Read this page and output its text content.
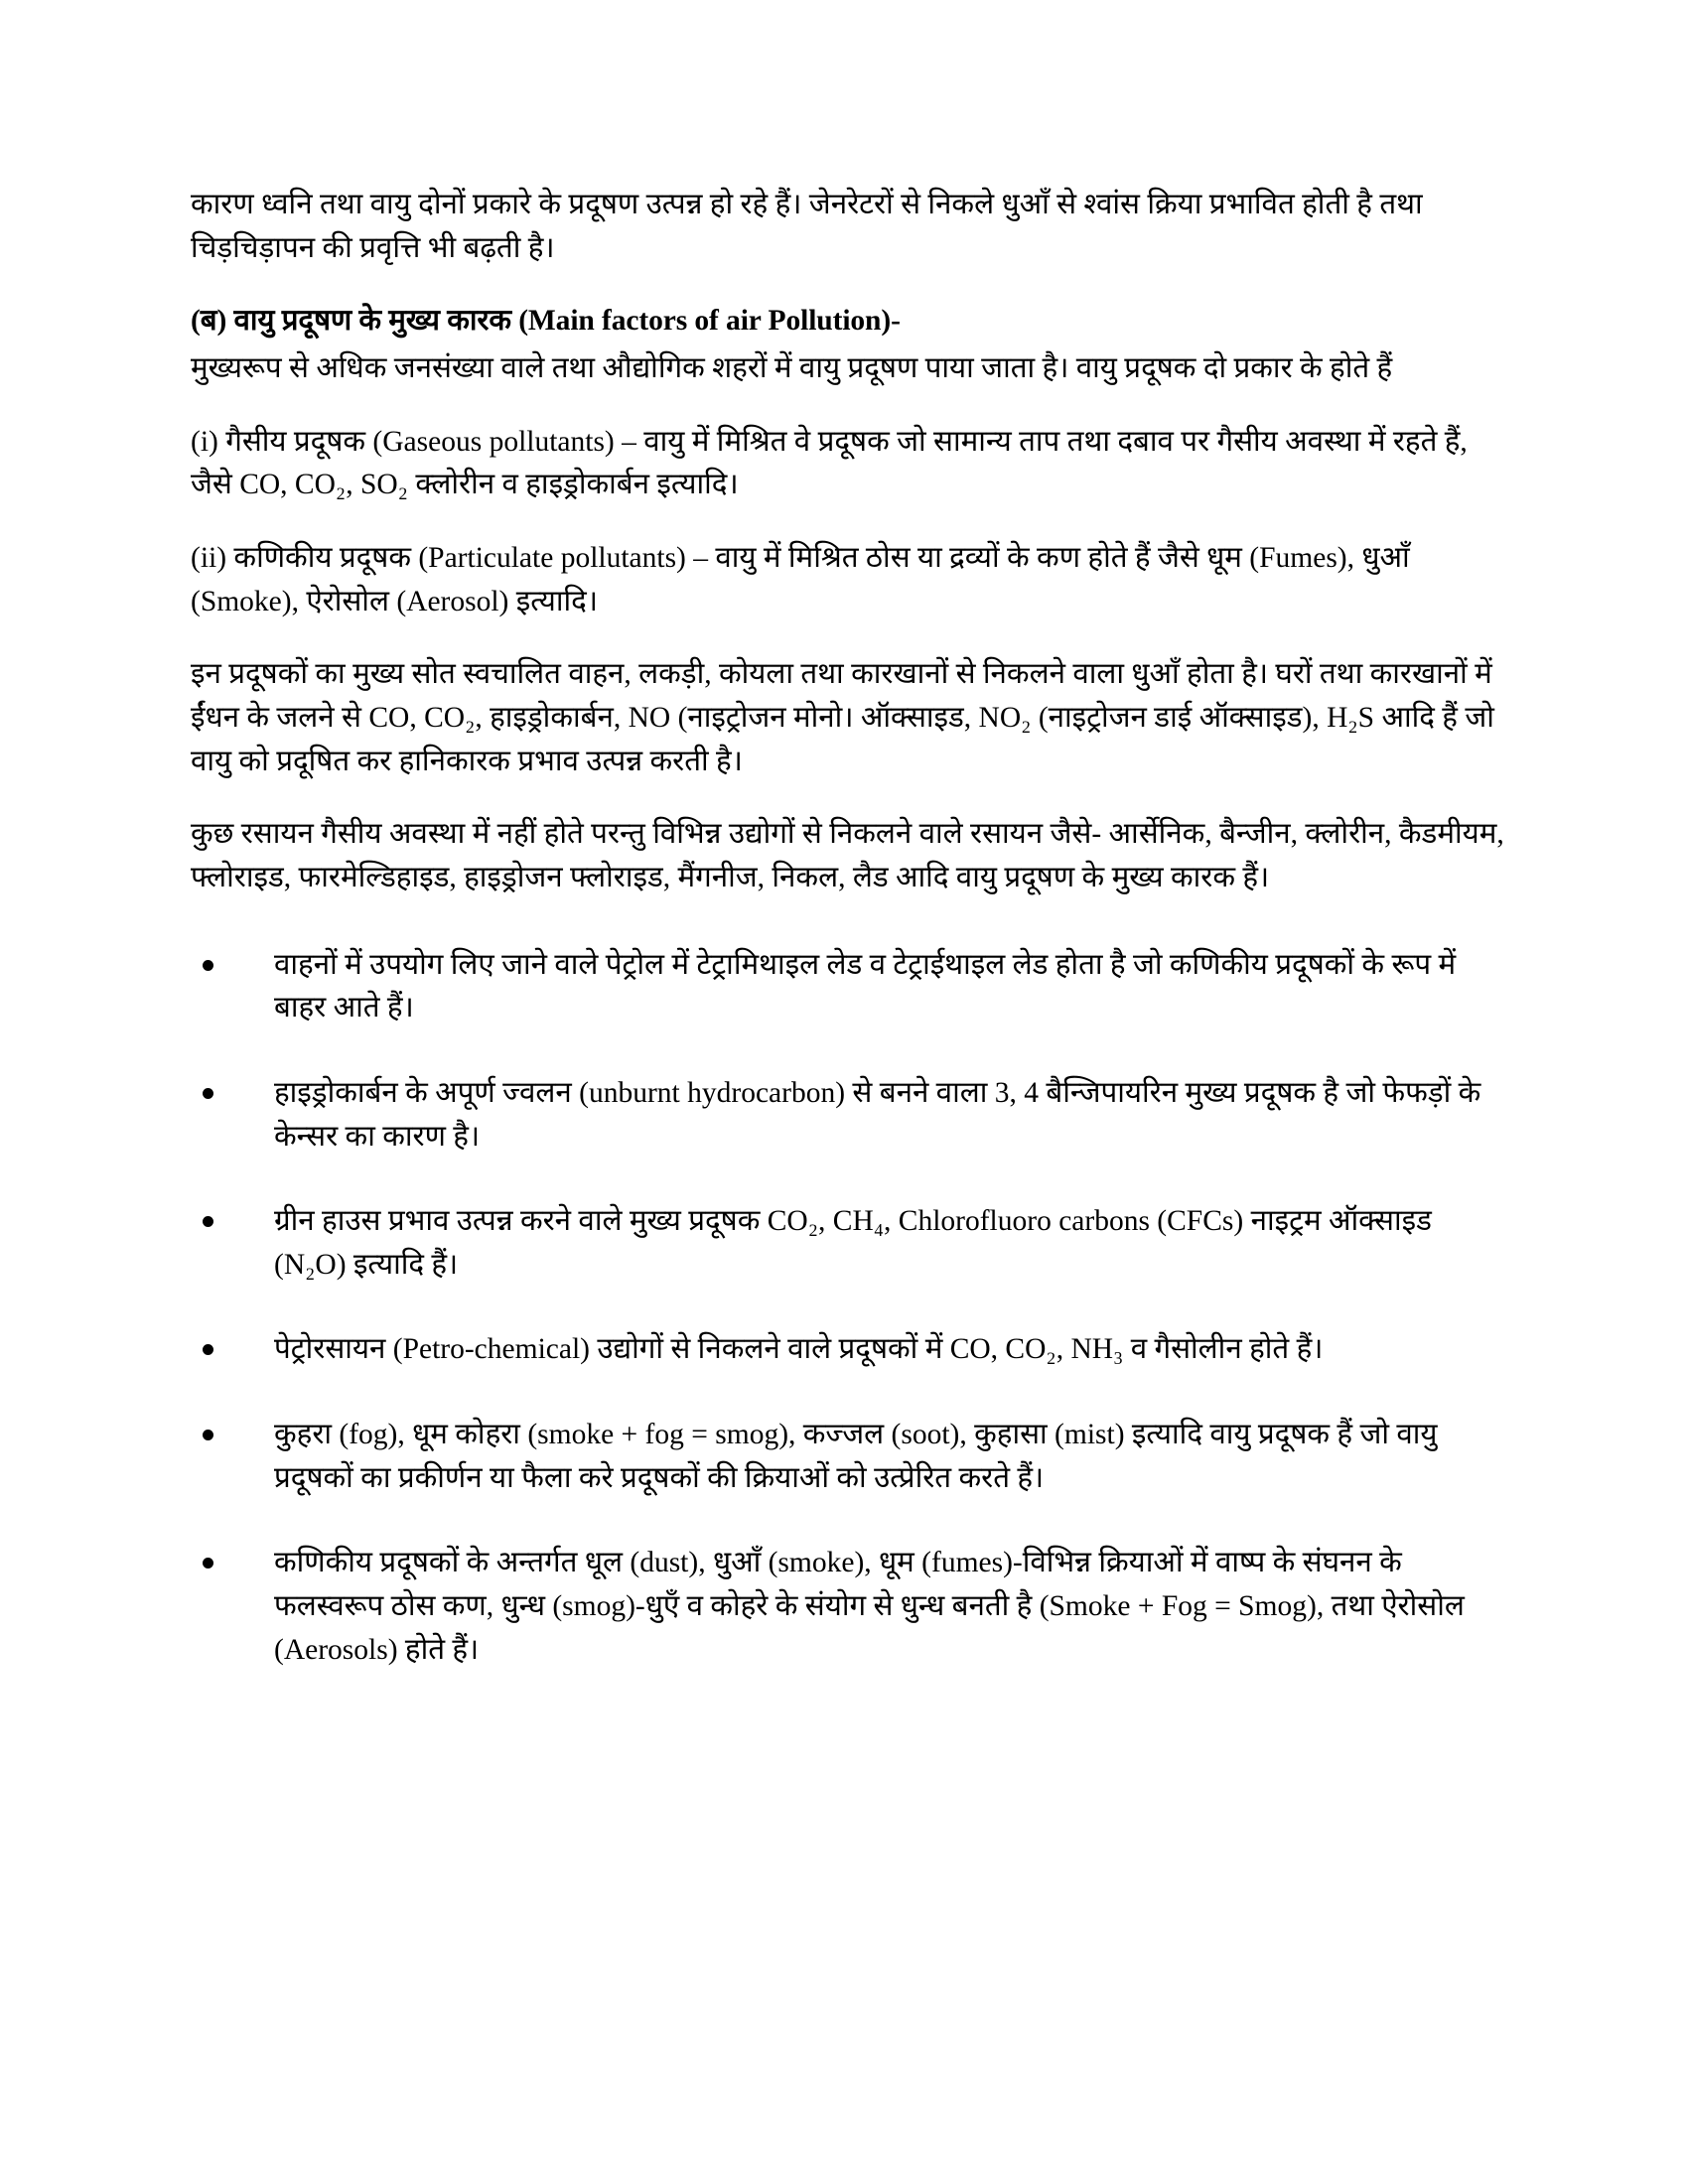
कारण ध्वनि तथा वायु दोनों प्रकारे के प्रदूषण उत्पन्न हो रहे हैं। जेनरेटरों से निकले धुआँ से श्वांस क्रिया प्रभावित होती है तथा चिड़चिड़ापन की प्रवृत्ति भी बढ़ती है।

(ब) वायु प्रदूषण के मुख्य कारक (Main factors of air Pollution)-

मुख्यरूप से अधिक जनसंख्या वाले तथा औद्योगिक शहरों में वायु प्रदूषण पाया जाता है। वायु प्रदूषक दो प्रकार के होते हैं

(i) गैसीय प्रदूषक (Gaseous pollutants) – वायु में मिश्रित वे प्रदूषक जो सामान्य ताप तथा दबाव पर गैसीय अवस्था में रहते हैं, जैसे CO, CO₂, SO₂ क्लोरीन व हाइड्रोकार्बन इत्यादि।

(ii) कणिकीय प्रदूषक (Particulate pollutants) – वायु में मिश्रित ठोस या द्रव्यों के कण होते हैं जैसे धूम (Fumes), धुआँ (Smoke), ऐरोसोल (Aerosol) इत्यादि।

इन प्रदूषकों का मुख्य सोत स्वचालित वाहन, लकड़ी, कोयला तथा कारखानों से निकलने वाला धुआँ होता है। घरों तथा कारखानों में ईंधन के जलने से CO, CO₂, हाइड्रोकार्बन, NO (नाइट्रोजन मोनो। ऑक्साइड, NO₂ (नाइट्रोजन डाई ऑक्साइड), H₂S आदि हैं जो वायु को प्रदूषित कर हानिकारक प्रभाव उत्पन्न करती है।

कुछ रसायन गैसीय अवस्था में नहीं होते परन्तु विभिन्न उद्योगों से निकलने वाले रसायन जैसे- आर्सेनिक, बैन्जीन, क्लोरीन, कैडमीयम, फ्लोराइड, फारमेल्डिहाइड, हाइड्रोजन फ्लोराइड, मैंगनीज, निकल, लैड आदि वायु प्रदूषण के मुख्य कारक हैं।

वाहनों में उपयोग लिए जाने वाले पेट्रोल में टेट्रामिथाइल लेड व टेट्राईथाइल लेड होता है जो कणिकीय प्रदूषकों के रूप में बाहर आते हैं।
हाइड्रोकार्बन के अपूर्ण ज्वलन (unburnt hydrocarbon) से बनने वाला 3, 4 बैन्जिपायरिन मुख्य प्रदूषक है जो फेफड़ों के केन्सर का कारण है।
ग्रीन हाउस प्रभाव उत्पन्न करने वाले मुख्य प्रदूषक CO₂, CH₄, Chlorofluoro carbons (CFCs) नाइट्रम ऑक्साइड (N₂O) इत्यादि हैं।
पेट्रोरसायन (Petro-chemical) उद्योगों से निकलने वाले प्रदूषकों में CO, CO₂, NH₃ व गैसोलीन होते हैं।
कुहरा (fog), धूम कोहरा (smoke + fog = smog), कज्जल (soot), कुहासा (mist) इत्यादि वायु प्रदूषक हैं जो वायु प्रदूषकों का प्रकीर्णन या फैला करे प्रदूषकों की क्रियाओं को उत्प्रेरित करते हैं।
कणिकीय प्रदूषकों के अन्तर्गत धूल (dust), धुआँ (smoke), धूम (fumes)-विभिन्न क्रियाओं में वाष्प के संघनन के फलस्वरूप ठोस कण, धुन्ध (smog)-धुऍं व कोहरे के संयोग से धुन्ध बनती है (Smoke + Fog = Smog), तथा ऐरोसोल (Aerosols) होते हैं।
